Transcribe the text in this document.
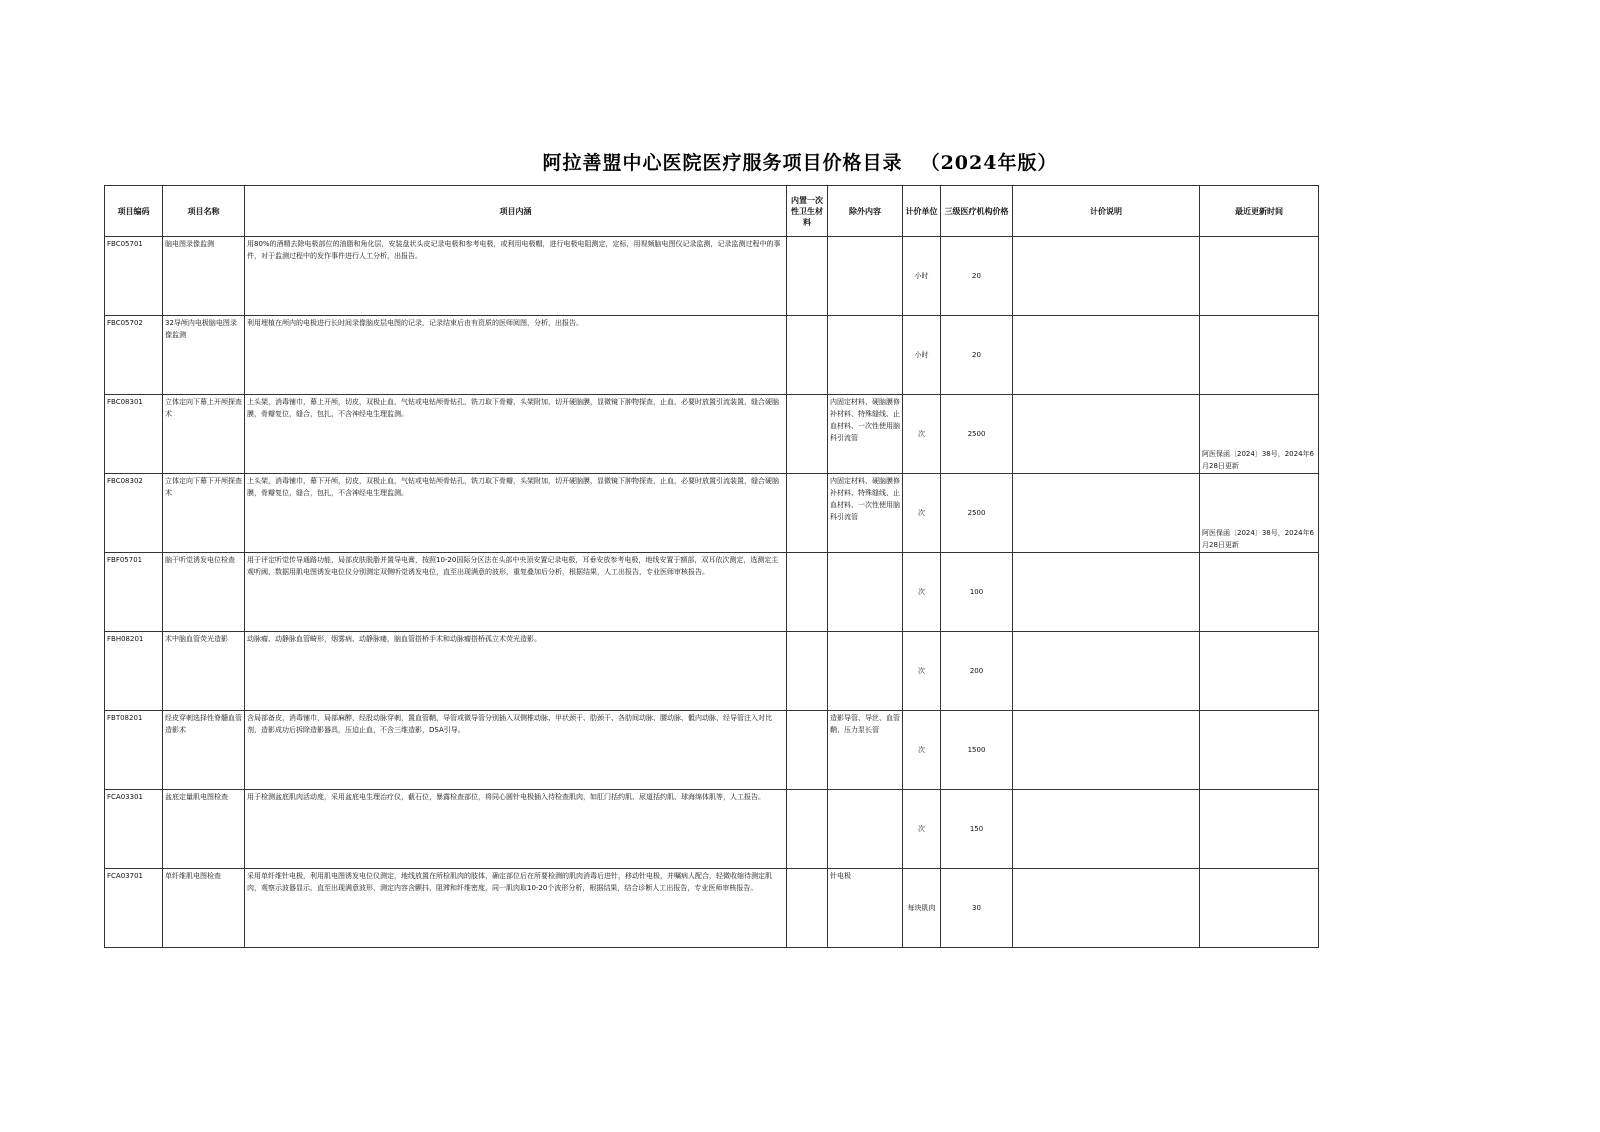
阿拉善盟中心医院医疗服务项目价格目录 （2024年版）
项目编码	项目名称	项目内涵	内置一次性卫生材料	除外内容	计价单位	三级医疗机构价格	计价说明	最近更新时间
FBC05701	脑电图录像监测	用80%的酒精去除电极部位的油脂和角化层，安装盘状头皮记录电极和参考电极，或利用电极帽，进行电极电阻测定，定标，用视频脑电图仪记录监测，记录监测过程中的事件，对于监测过程中的发作事件进行人工分析，出报告。			小时	20		
FBC05702	32导颅内电极脑电图录像监测	利用埋植在颅内的电极进行长时间录像脑皮层电图的记录，记录结束后由有资质的医师阅图，分析，出报告。			小时	20		
FBC08301	立体定向下幕上开颅探查术	上头架，消毒铺巾，幕上开颅，切皮，双极止血，气钻或电钻颅骨钻孔，铣刀取下骨瓣，头架附加，切开硬脑膜，显微镜下肿物探查，止血，必要时放置引流装置，缝合硬脑膜，骨瓣复位，缝合，包扎，不含神经电生理监测。		内固定材料、硬脑膜修补材料、特殊缝线、止血材料、一次性使用脑科引流管	次	2500		阿医保函〔2024〕38号，2024年6月28日更新
FBC08302	立体定向下幕下开颅探查术	上头架，消毒铺巾，幕下开颅，切皮，双极止血，气钻或电钻颅骨钻孔，铣刀取下骨瓣，头架附加，切开硬脑膜，显微镜下肿物探查，止血，必要时放置引流装置，缝合硬脑膜，骨瓣复位，缝合，包扎，不含神经电生理监测。		内固定材料、硬脑膜修补材料、特殊缝线、止血材料、一次性使用脑科引流管	次	2500		阿医保函〔2024〕38号，2024年6月28日更新
FBF05701	脑干听觉诱发电位检查	用于评定听觉传导通路功能，局部皮肤脱脂并置导电膏，按照10-20国际分区法在头部中央顶安置记录电极，耳垂安放参考电极，地线安置于额部，双耳依次测定，选测定主观听阈，数据用肌电图诱发电位仪分别测定双侧听觉诱发电位，直至出现满意的波形，重复叠加后分析，根据结果，人工出报告，专业医师审核报告。			次	100		
FBH08201	术中脑血管荧光造影	动脉瘤、动静脉血管畸形，烟雾病、动静脉瘘，脑血管搭桥手术和动脉瘤搭桥孤立术荧光造影。			次	200		
FBT08201	经皮穿刺选择性脊髓血管造影术	含局部备皮，消毒铺巾，局部麻醉，经股动脉穿刺，置血管鞘，导管或微导管分别插入双侧椎动脉、甲状颈干、肋颈干、各肋间动脉、腰动脉、骶内动脉，经导管注入对比剂，造影成功后拆除造影器具，压迫止血，不含三维造影，DSA引导。		造影导管、导丝、血管鞘、压力泵长管	次	1500		
FCA03301	盆底定量肌电图检查	用于检测盆底肌肉活动度，采用盆底电生理治疗仪，截石位，暴露检查部位，将同心圆针电极插入待检查肌肉，如肛门括约肌、尿道括约肌、球海绵体肌等，人工报告。			次	150		
FCA03701	单纤维肌电图检查	采用单纤维针电极，利用肌电图诱发电位仪测定，地线放置在所检肌肉的肢体，确定部位后在所要检测的肌肉消毒后进针，移动针电极，并嘱病人配合，轻微收缩待测定肌肉，观察示波器显示，直至出现满意波形，测定内容含颤抖、阻滞和纤维密度，同一肌肉取10-20个波形分析，根据结果，结合诊断人工出报告，专业医师审核报告。		针电极	每块肌肉	30		
